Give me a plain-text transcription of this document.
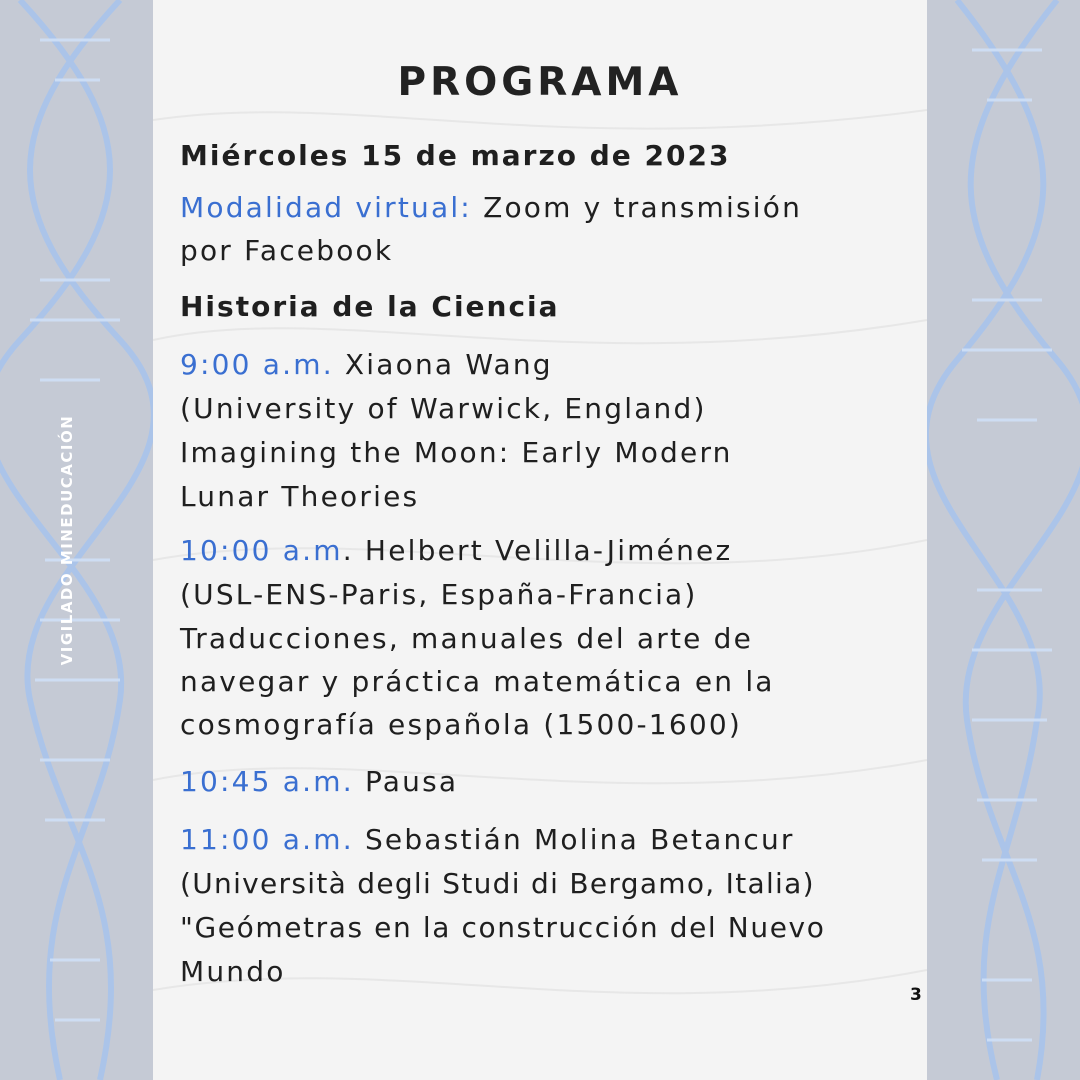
VIGILADO MINEDUCACIÓN
PROGRAMA
Miércoles 15 de marzo de 2023
Modalidad virtual: Zoom y transmisión
por Facebook
Historia de la Ciencia
9:00 a.m. Xiaona Wang
(University of Warwick, England)
Imagining the Moon: Early Modern
Lunar Theories
10:00 a.m. Helbert Velilla-Jiménez
(USL-ENS-Paris, España-Francia)
Traducciones, manuales del arte de
navegar y práctica matemática en la
cosmografía española (1500-1600)
10:45 a.m. Pausa
11:00 a.m. Sebastián Molina Betancur
(Università degli Studi di Bergamo, Italia)
"Geómetras en la construcción del Nuevo
Mundo
3
